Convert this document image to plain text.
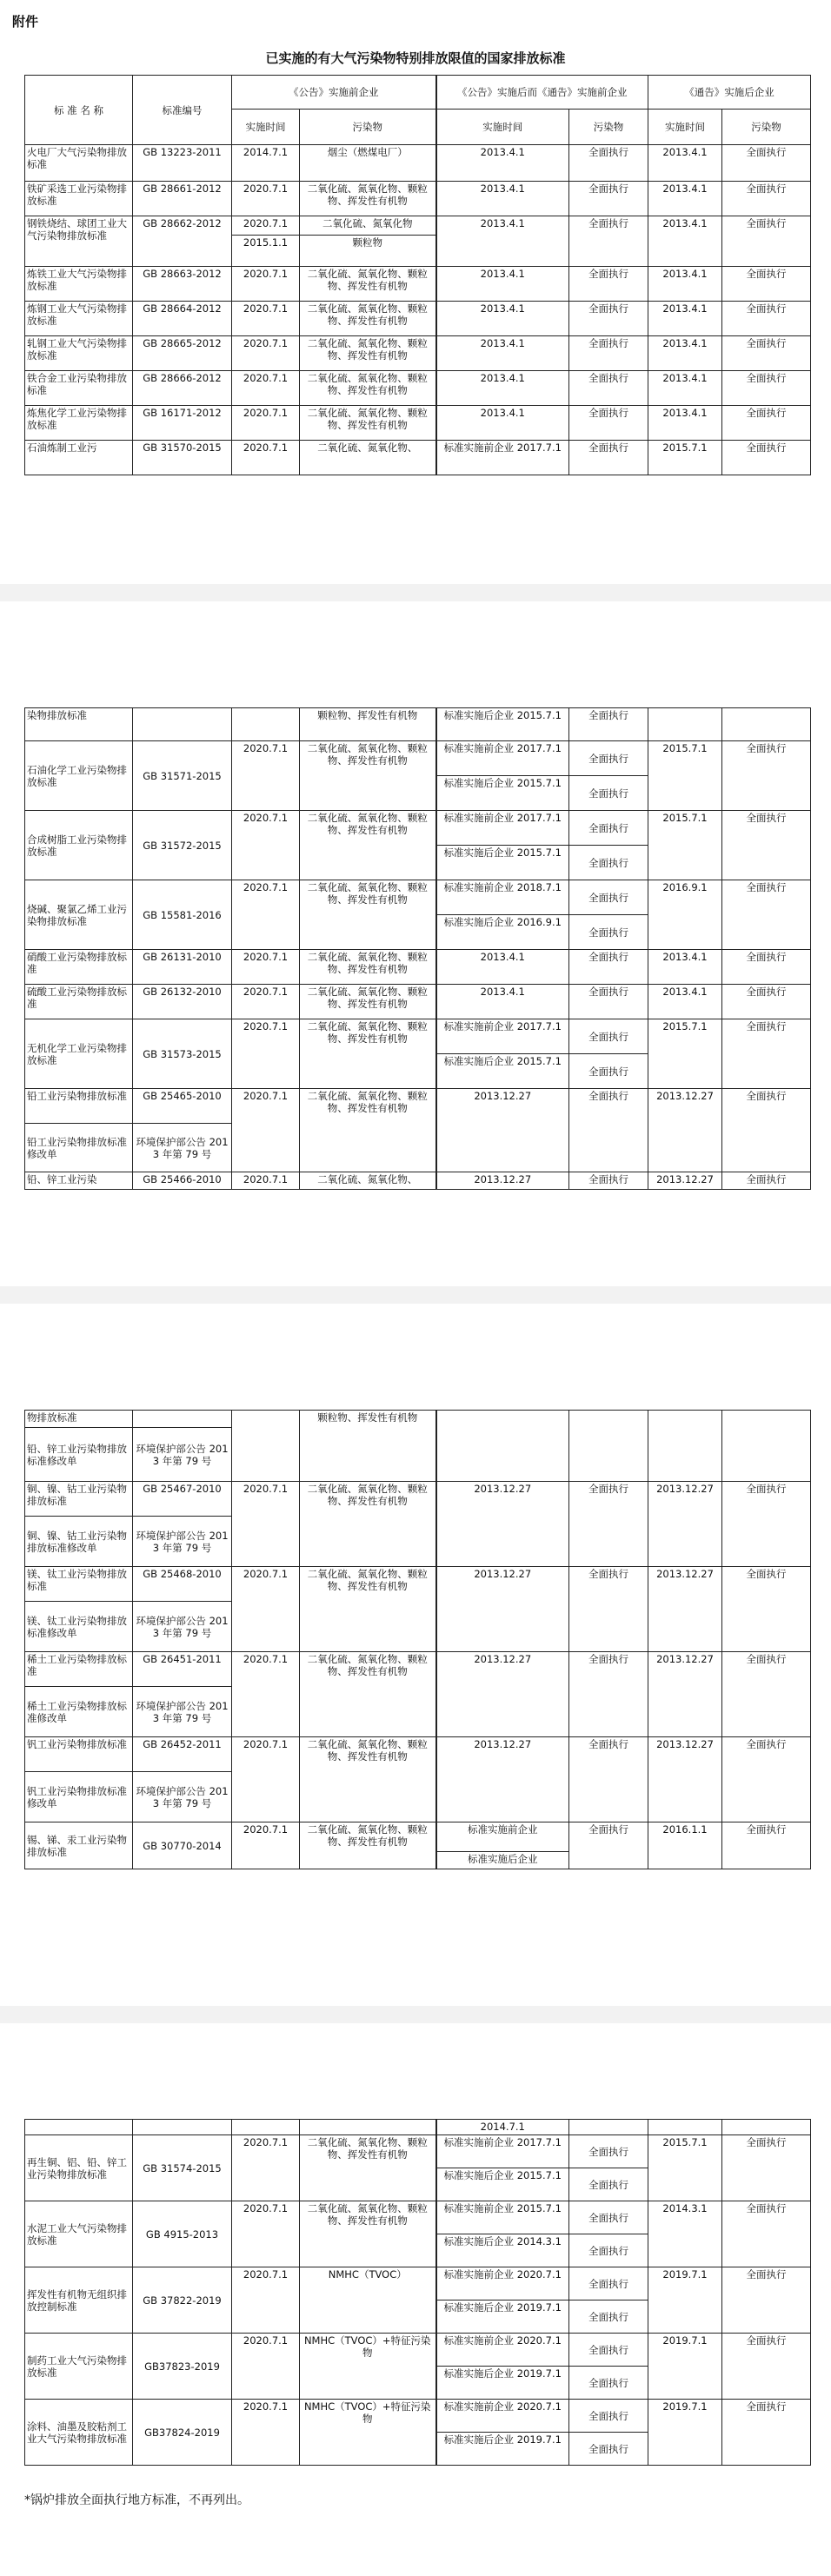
附件
已实施的有大气污染物特别排放限值的国家排放标准
标 准 名 称	标准编号	《公告》实施前企业		《公告》实施后而《通告》实施前企业		《通告》实施后企业	
		实施时间	污染物	实施时间	污染物	实施时间	污染物
火电厂大气污染物排放标准	GB 13223-2011	2014.7.1	烟尘（燃煤电厂）	2013.4.1	全面执行	2013.4.1	全面执行
铁矿采选工业污染物排放标准	GB 28661-2012	2020.7.1	二氧化硫、氮氧化物、颗粒物、挥发性有机物	2013.4.1	全面执行	2013.4.1	全面执行
钢铁烧结、球团工业大气污染物排放标准	GB 28662-2012	2020.7.1	二氧化硫、氮氧化物	2013.4.1	全面执行	2013.4.1	全面执行
		2015.1.1	颗粒物				
炼铁工业大气污染物排放标准	GB 28663-2012	2020.7.1	二氧化硫、氮氧化物、颗粒物、挥发性有机物	2013.4.1	全面执行	2013.4.1	全面执行
炼钢工业大气污染物排放标准	GB 28664-2012	2020.7.1	二氧化硫、氮氧化物、颗粒物、挥发性有机物	2013.4.1	全面执行	2013.4.1	全面执行
轧钢工业大气污染物排放标准	GB 28665-2012	2020.7.1	二氧化硫、氮氧化物、颗粒物、挥发性有机物	2013.4.1	全面执行	2013.4.1	全面执行
铁合金工业污染物排放标准	GB 28666-2012	2020.7.1	二氧化硫、氮氧化物、颗粒物、挥发性有机物	2013.4.1	全面执行	2013.4.1	全面执行
炼焦化学工业污染物排放标准	GB 16171-2012	2020.7.1	二氧化硫、氮氧化物、颗粒物、挥发性有机物	2013.4.1	全面执行	2013.4.1	全面执行
石油炼制工业污	GB 31570-2015	2020.7.1	二氧化硫、氮氧化物、	标准实施前企业 2017.7.1	全面执行	2015.7.1	全面执行
染物排放标准			颗粒物、挥发性有机物	标准实施后企业 2015.7.1	全面执行		
石油化学工业污染物排放标准	GB 31571-2015	2020.7.1	二氧化硫、氮氧化物、颗粒物、挥发性有机物	标准实施前企业 2017.7.1	全面执行	2015.7.1	全面执行
				标准实施后企业 2015.7.1	全面执行		
合成树脂工业污染物排放标准	GB 31572-2015	2020.7.1	二氧化硫、氮氧化物、颗粒物、挥发性有机物	标准实施前企业 2017.7.1	全面执行	2015.7.1	全面执行
				标准实施后企业 2015.7.1	全面执行		
烧碱、聚氯乙烯工业污染物排放标准	GB 15581-2016	2020.7.1	二氧化硫、氮氧化物、颗粒物、挥发性有机物	标准实施前企业 2018.7.1	全面执行	2016.9.1	全面执行
				标准实施后企业 2016.9.1	全面执行		
硝酸工业污染物排放标准	GB 26131-2010	2020.7.1	二氧化硫、氮氧化物、颗粒物、挥发性有机物	2013.4.1	全面执行	2013.4.1	全面执行
硫酸工业污染物排放标准	GB 26132-2010	2020.7.1	二氧化硫、氮氧化物、颗粒物、挥发性有机物	2013.4.1	全面执行	2013.4.1	全面执行
无机化学工业污染物排放标准	GB 31573-2015	2020.7.1	二氧化硫、氮氧化物、颗粒物、挥发性有机物	标准实施前企业 2017.7.1	全面执行	2015.7.1	全面执行
				标准实施后企业 2015.7.1	全面执行		
铅工业污染物排放标准	GB 25465-2010	2020.7.1	二氧化硫、氮氧化物、颗粒物、挥发性有机物	2013.12.27	全面执行	2013.12.27	全面执行
铅工业污染物排放标准修改单	环境保护部公告 2013 年第 79 号						
铅、锌工业污染	GB 25466-2010	2020.7.1	二氧化硫、氮氧化物、	2013.12.27	全面执行	2013.12.27	全面执行
物排放标准			颗粒物、挥发性有机物				
铅、锌工业污染物排放标准修改单	环境保护部公告 2013 年第 79 号						
铜、镍、钴工业污染物排放标准	GB 25467-2010	2020.7.1	二氧化硫、氮氧化物、颗粒物、挥发性有机物	2013.12.27	全面执行	2013.12.27	全面执行
铜、镍、钴工业污染物排放标准修改单	环境保护部公告 2013 年第 79 号						
镁、钛工业污染物排放标准	GB 25468-2010	2020.7.1	二氧化硫、氮氧化物、颗粒物、挥发性有机物	2013.12.27	全面执行	2013.12.27	全面执行
镁、钛工业污染物排放标准修改单	环境保护部公告 2013 年第 79 号						
稀土工业污染物排放标准	GB 26451-2011	2020.7.1	二氧化硫、氮氧化物、颗粒物、挥发性有机物	2013.12.27	全面执行	2013.12.27	全面执行
稀土工业污染物排放标准修改单	环境保护部公告 2013 年第 79 号						
钒工业污染物排放标准	GB 26452-2011	2020.7.1	二氧化硫、氮氧化物、颗粒物、挥发性有机物	2013.12.27	全面执行	2013.12.27	全面执行
钒工业污染物排放标准修改单	环境保护部公告 2013 年第 79 号						
锡、锑、汞工业污染物排放标准	GB 30770-2014	2020.7.1	二氧化硫、氮氧化物、颗粒物、挥发性有机物	标准实施前企业	全面执行	2016.1.1	全面执行
				标准实施后企业			
				2014.7.1			
再生铜、铝、铅、锌工业污染物排放标准	GB 31574-2015	2020.7.1	二氧化硫、氮氧化物、颗粒物、挥发性有机物	标准实施前企业 2017.7.1	全面执行	2015.7.1	全面执行
				标准实施后企业 2015.7.1	全面执行		
水泥工业大气污染物排放标准	GB 4915-2013	2020.7.1	二氧化硫、氮氧化物、颗粒物、挥发性有机物	标准实施前企业 2015.7.1	全面执行	2014.3.1	全面执行
				标准实施后企业 2014.3.1	全面执行		
挥发性有机物无组织排放控制标准	GB 37822-2019	2020.7.1	NMHC（TVOC）	标准实施前企业 2020.7.1	全面执行	2019.7.1	全面执行
				标准实施后企业 2019.7.1	全面执行		
制药工业大气污染物排放标准	GB37823-2019	2020.7.1	NMHC（TVOC）+特征污染物	标准实施前企业 2020.7.1	全面执行	2019.7.1	全面执行
				标准实施后企业 2019.7.1	全面执行		
涂料、油墨及胶粘剂工业大气污染物排放标准	GB37824-2019	2020.7.1	NMHC（TVOC）+特征污染物	标准实施前企业 2020.7.1	全面执行	2019.7.1	全面执行
				标准实施后企业 2019.7.1	全面执行		
*锅炉排放全面执行地方标准，不再列出。
